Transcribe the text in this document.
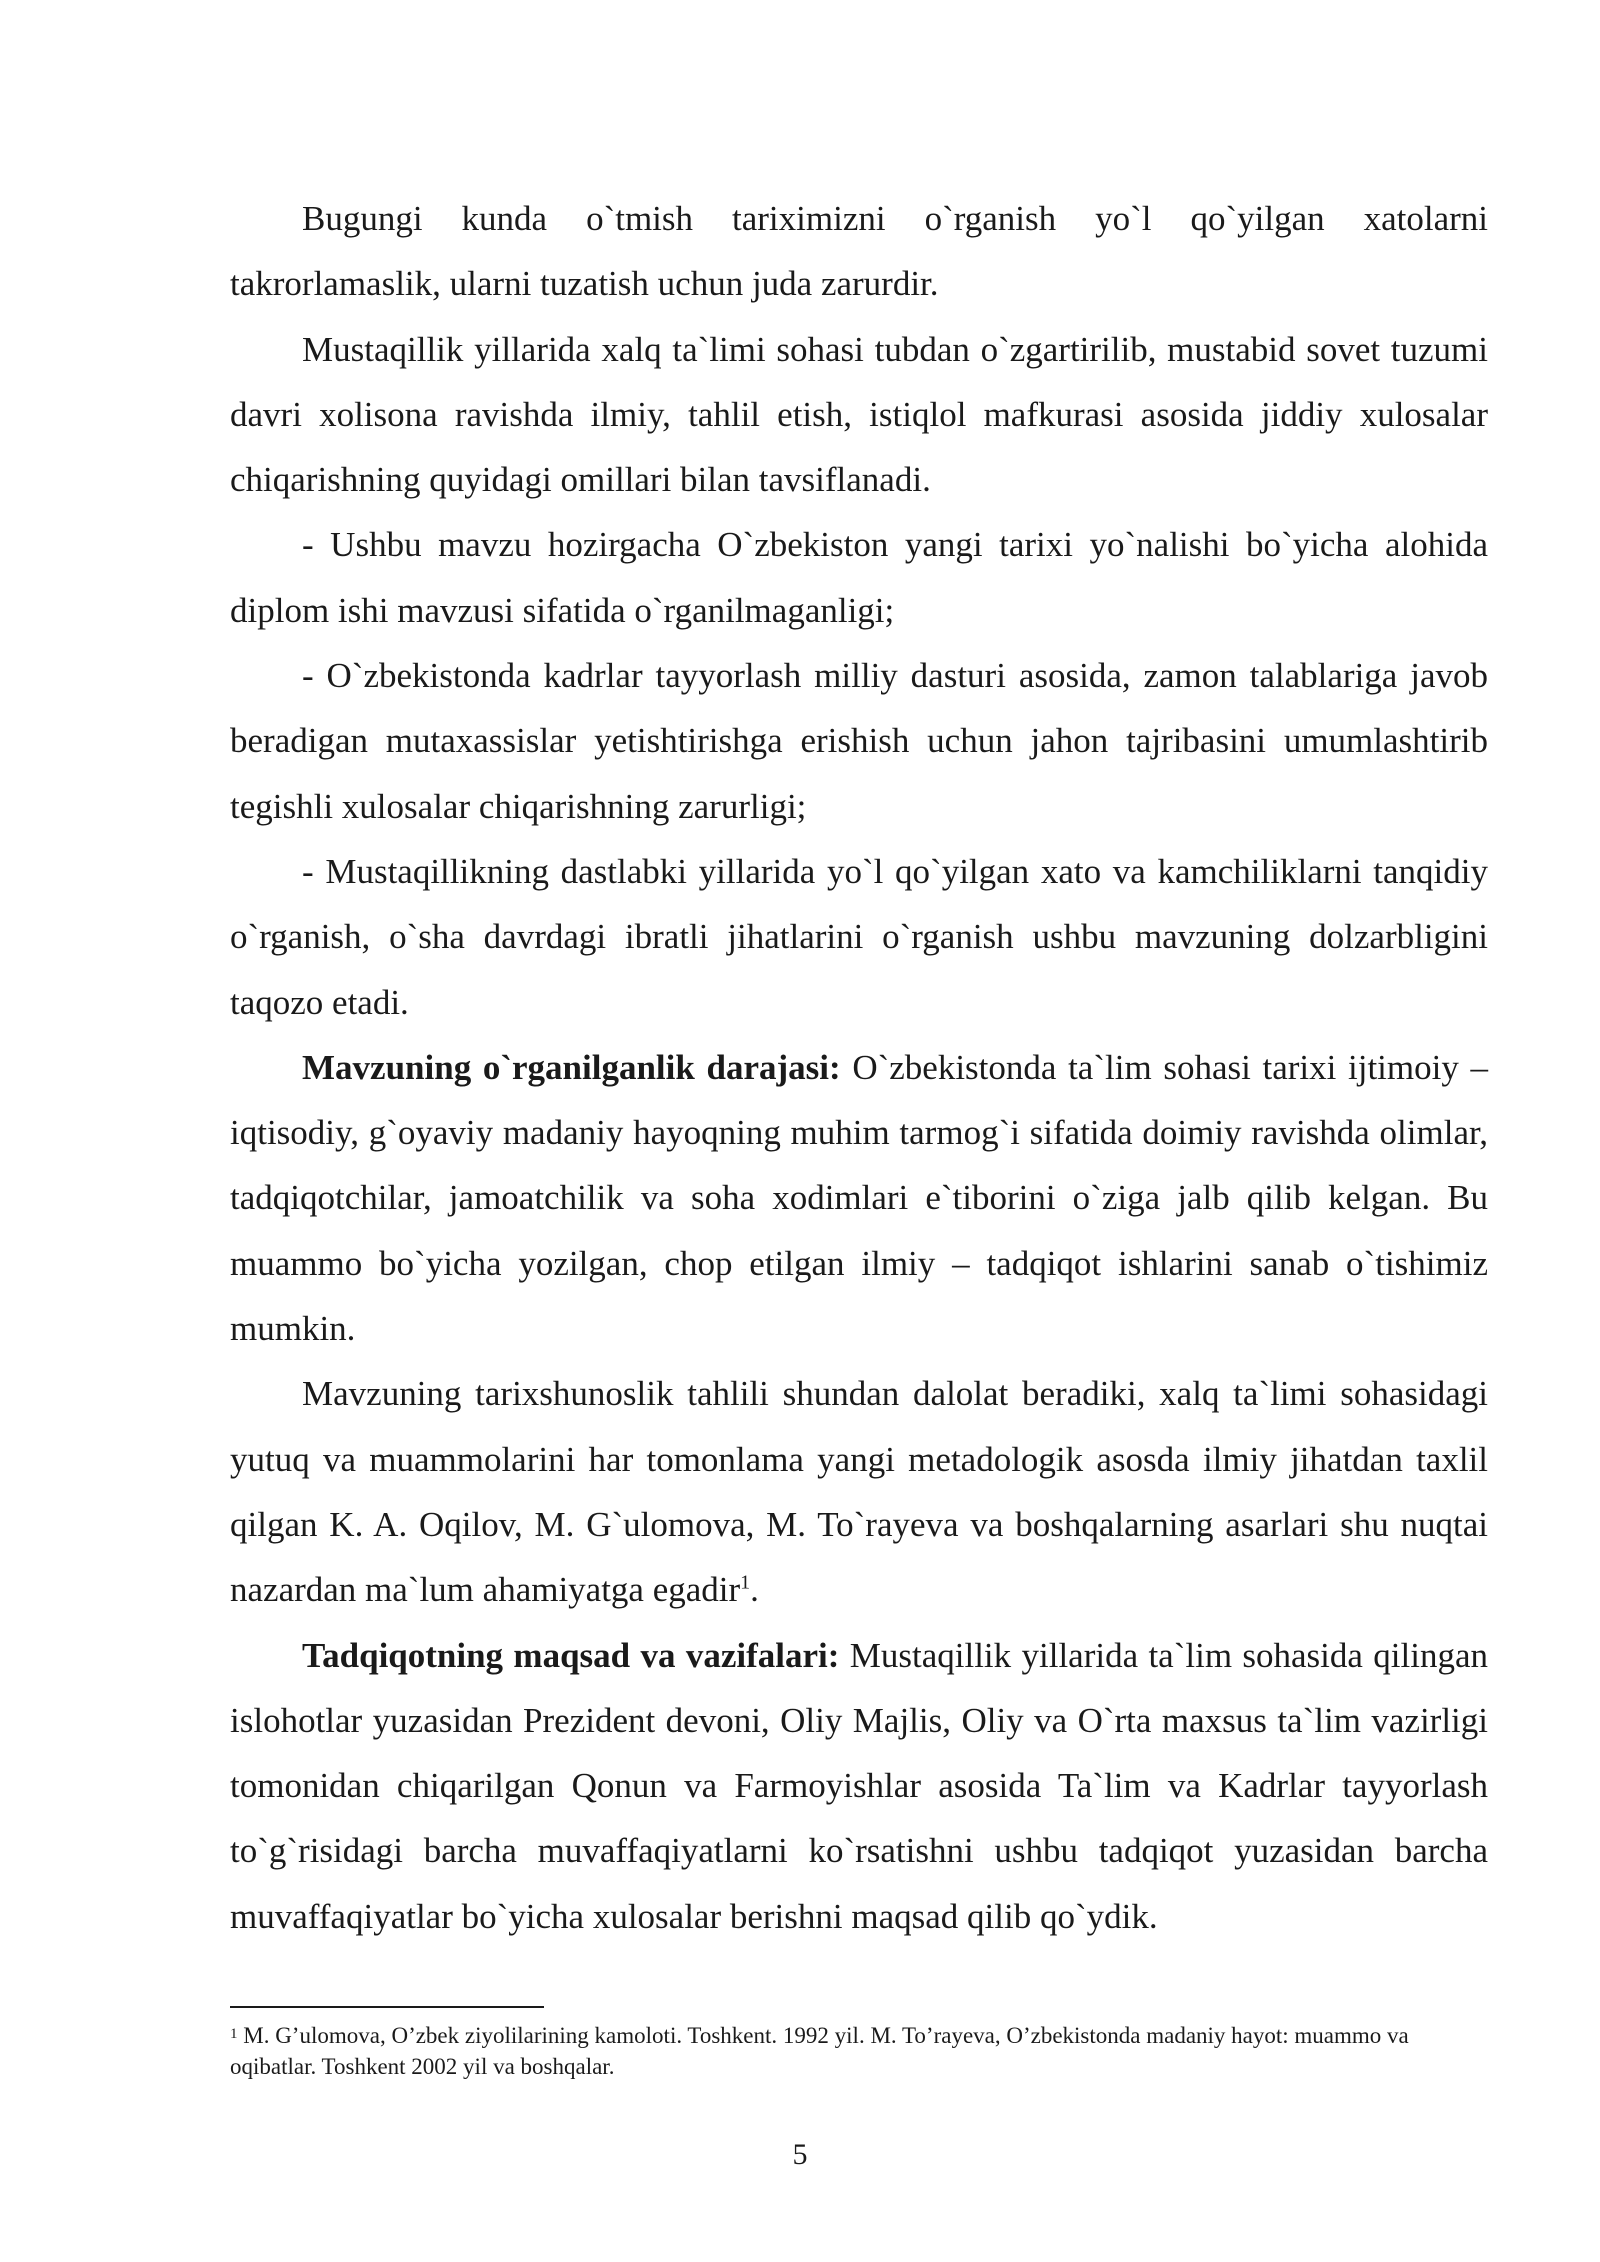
Bugungi kunda o`tmish tariximizni o`rganish yo`l qo`yilgan xatolarni takrorlamaslik, ularni tuzatish uchun juda zarurdir.

Mustaqillik yillarida xalq ta`limi sohasi tubdan o`zgartirilib, mustabid sovet tuzumi davri xolisona ravishda ilmiy, tahlil etish, istiqlol mafkurasi asosida jiddiy xulosalar chiqarishning quyidagi omillari bilan tavsiflanadi.

- Ushbu mavzu hozirgacha O`zbekiston yangi tarixi yo`nalishi bo`yicha alohida diplom ishi mavzusi sifatida o`rganilmaganligi;

- O`zbekistonda kadrlar tayyorlash milliy dasturi asosida, zamon talablariga javob beradigan mutaxassislar yetishtirishga erishish uchun jahon tajribasini umumlashtirib tegishli xulosalar chiqarishning zarurligi;

- Mustaqillikning dastlabki yillarida yo`l qo`yilgan xato va kamchiliklarni tanqidiy o`rganish, o`sha davrdagi ibratli jihatlarini o`rganish ushbu mavzuning dolzarbligini taqozo etadi.

Mavzuning o`rganilganlik darajasi: O`zbekistonda ta`lim sohasi tarixi ijtimoiy – iqtisodiy, g`oyaviy madaniy hayoqning muhim tarmog`i sifatida doimiy ravishda olimlar, tadqiqotchilar, jamoatchilik va soha xodimlari e`tiborini o`ziga jalb qilib kelgan. Bu muammo bo`yicha yozilgan, chop etilgan ilmiy – tadqiqot ishlarini sanab o`tishimiz mumkin.

Mavzuning tarixshunoslik tahlili shundan dalolat beradiki, xalq ta`limi sohasidagi yutuq va muammolarini har tomonlama yangi metadologik asosda ilmiy jihatdan taxlil qilgan K. A. Oqilov, M. G`ulomova, M. To`rayeva va boshqalarning asarlari shu nuqtai nazardan ma`lum ahamiyatga egadir$^1$.

Tadqiqotning maqsad va vazifalari: Mustaqillik yillarida ta`lim sohasida qilingan islohotlar yuzasidan Prezident devoni, Oliy Majlis, Oliy va O`rta maxsus ta`lim vazirligi tomonidan chiqarilgan Qonun va Farmoyishlar asosida Ta`lim va Kadrlar tayyorlash to`g`risidagi barcha muvaffaqiyatlarni ko`rsatishni ushbu tadqiqot yuzasidan barcha muvaffaqiyatlar bo`yicha xulosalar berishni maqsad qilib qo`ydik.

$^1$ M. G’ulomova, O’zbek ziyolilarining kamoloti. Toshkent. 1992 yil. M. To’rayeva, O’zbekistonda madaniy hayot: muammo va oqibatlar. Toshkent 2002 yil va boshqalar.

5
